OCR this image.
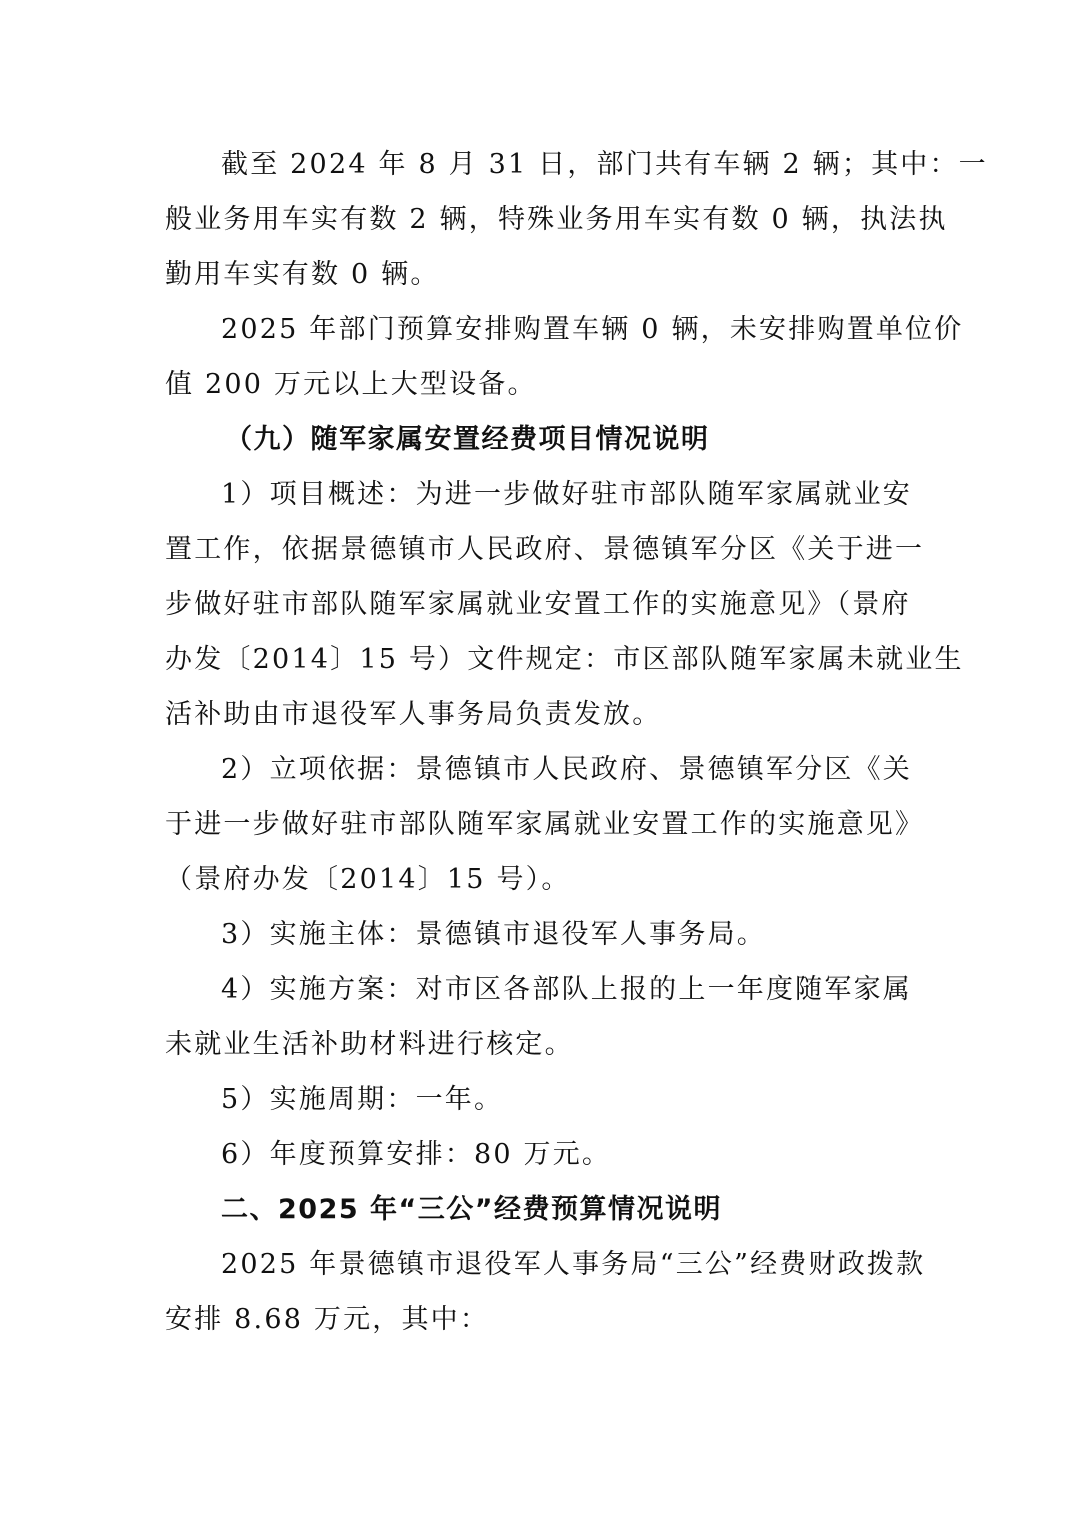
截至 2024 年 8 月 31 日，部门共有车辆 2 辆；其中：一
般业务用车实有数 2 辆，特殊业务用车实有数 0 辆，执法执
勤用车实有数 0 辆。
2025 年部门预算安排购置车辆 0 辆，未安排购置单位价
值 200 万元以上大型设备。
（九）随军家属安置经费项目情况说明
1）项目概述：为进一步做好驻市部队随军家属就业安
置工作，依据景德镇市人民政府、景德镇军分区《关于进一
步做好驻市部队随军家属就业安置工作的实施意见》（景府
办发〔2014〕15 号）文件规定：市区部队随军家属未就业生
活补助由市退役军人事务局负责发放。
2）立项依据：景德镇市人民政府、景德镇军分区《关
于进一步做好驻市部队随军家属就业安置工作的实施意见》
（景府办发〔2014〕15 号）。
3）实施主体：景德镇市退役军人事务局。
4）实施方案：对市区各部队上报的上一年度随军家属
未就业生活补助材料进行核定。
5）实施周期：一年。
6）年度预算安排：80 万元。
二、2025 年“三公”经费预算情况说明
2025 年景德镇市退役军人事务局“三公”经费财政拨款
安排 8.68 万元，其中：
